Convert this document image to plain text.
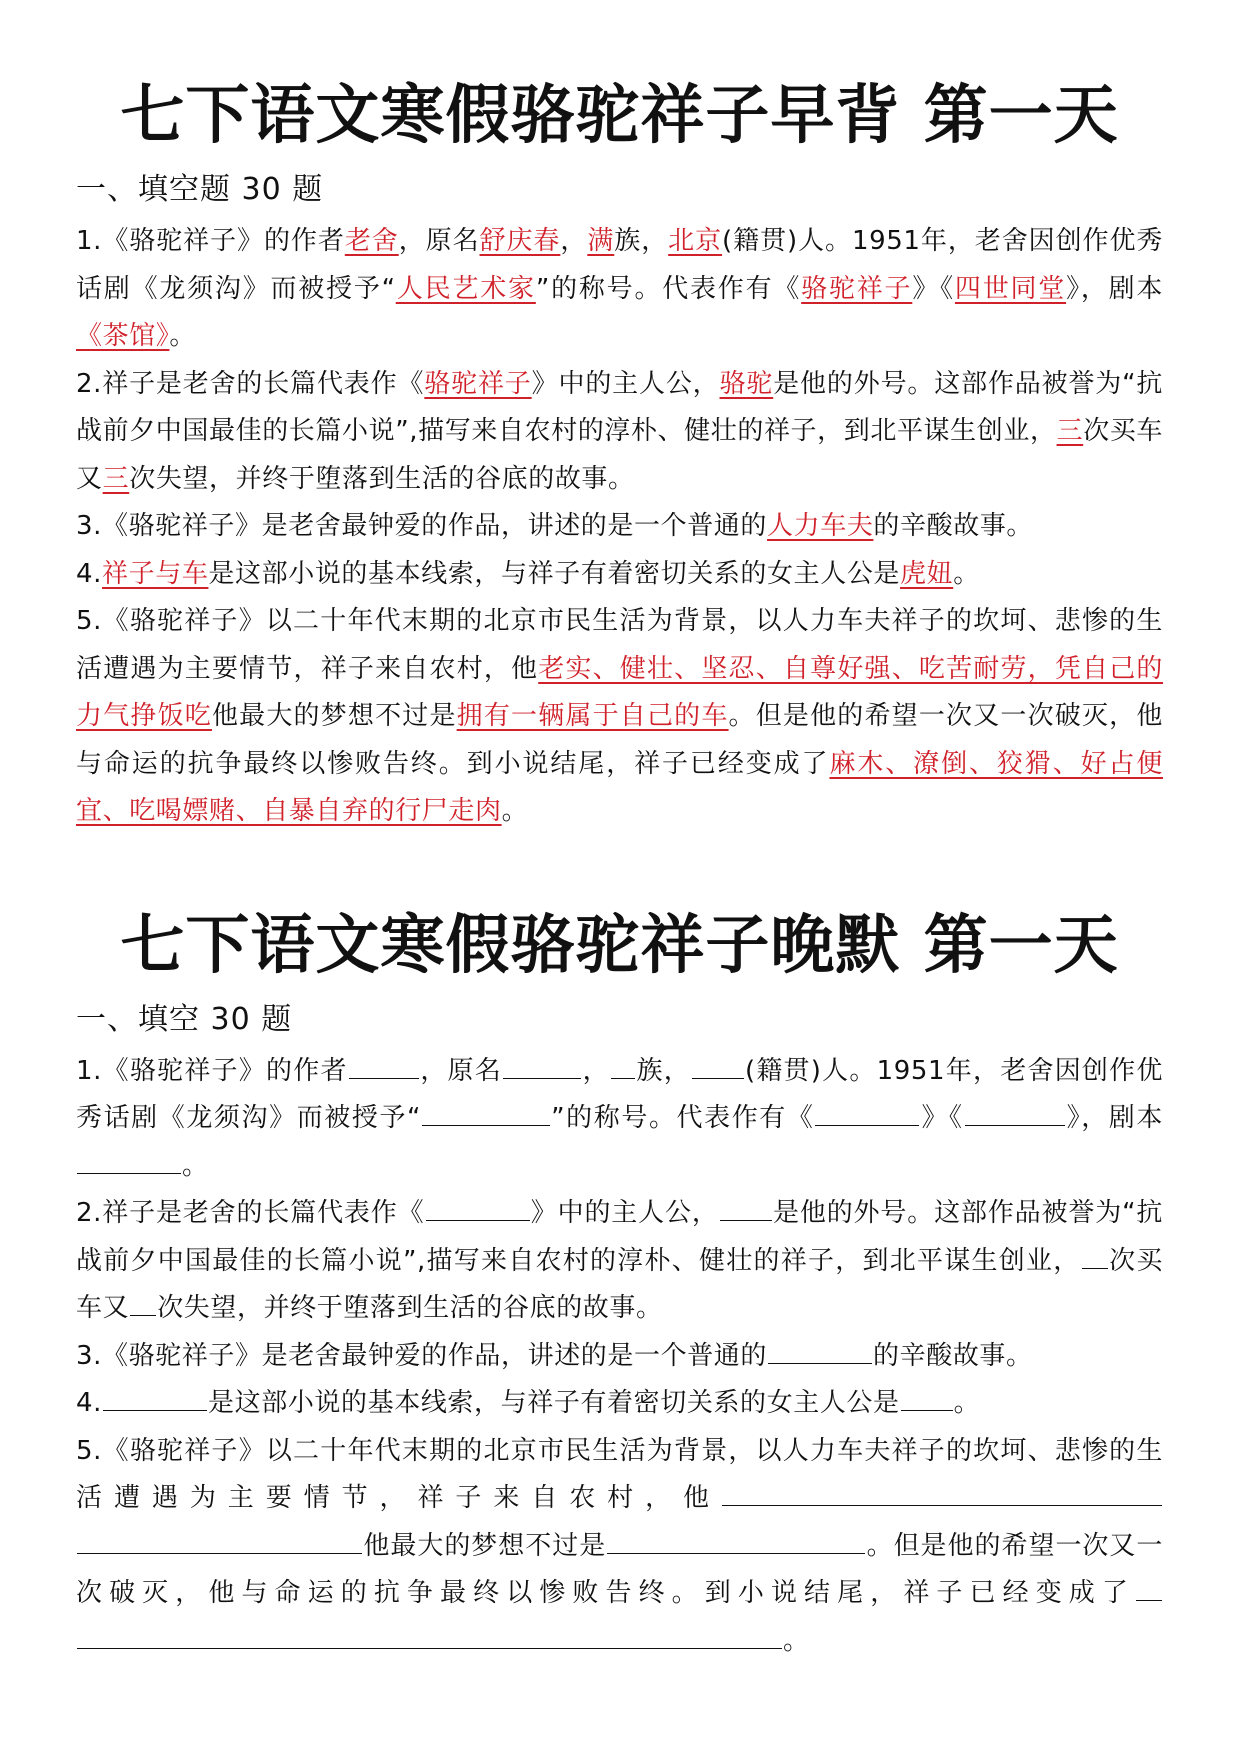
七下语文寒假骆驼祥子早背 第一天
一、填空题 30 题

1.《骆驼祥子》的作者老舍，原名舒庆春，满族，北京(籍贯)人。1951年，老舍因创作优秀话剧《龙须沟》而被授予“人民艺术家”的称号。代表作有《骆驼祥子》《四世同堂》，剧本《茶馆》。

2.祥子是老舍的长篇代表作《骆驼祥子》中的主人公，骆驼是他的外号。这部作品被誉为“抗战前夕中国最佳的长篇小说”,描写来自农村的淳朴、健壮的祥子，到北平谋生创业，三次买车又三次失望，并终于堕落到生活的谷底的故事。

3.《骆驼祥子》是老舍最钟爱的作品，讲述的是一个普通的人力车夫的辛酸故事。

4.祥子与车是这部小说的基本线索，与祥子有着密切关系的女主人公是虎妞。

5.《骆驼祥子》以二十年代末期的北京市民生活为背景，以人力车夫祥子的坎坷、悲惨的生活遭遇为主要情节，祥子来自农村，他老实、健壮、坚忍、自尊好强、吃苦耐劳，凭自己的力气挣饭吃他最大的梦想不过是拥有一辆属于自己的车。但是他的希望一次又一次破灭，他与命运的抗争最终以惨败告终。到小说结尾，祥子已经变成了麻木、潦倒、狡猾、好占便宜、吃喝嫖赌、自暴自弃的行尸走肉。

七下语文寒假骆驼祥子晚默 第一天
一、填空 30 题

1.《骆驼祥子》的作者	，原名	， 族， (籍贯)人。1951年，老舍因创作优秀话剧《龙须沟》而被授予“	”的称号。代表作有《	》《	》，剧本。

2.祥子是老舍的长篇代表作《	》中的主人公， 是他的外号。这部作品被誉为“抗战前夕中国最佳的长篇小说”,描写来自农村的淳朴、健壮的祥子，到北平谋生创业， 次买车又 次失望，并终于堕落到生活的谷底的故事。

3.《骆驼祥子》是老舍最钟爱的作品，讲述的是一个普通的	的辛酸故事。

4.	是这部小说的基本线索，与祥子有着密切关系的女主人公是 。

5.《骆驼祥子》以二十年代末期的北京市民生活为背景，以人力车夫祥子的坎坷、悲惨的生活遭遇为主要情节，祥子来自农村，他他最大的梦想不过是	。但是他的希望一次又一次破灭，他与命运的抗争最终以惨败告终。到小说结尾，祥子已经变成了。
